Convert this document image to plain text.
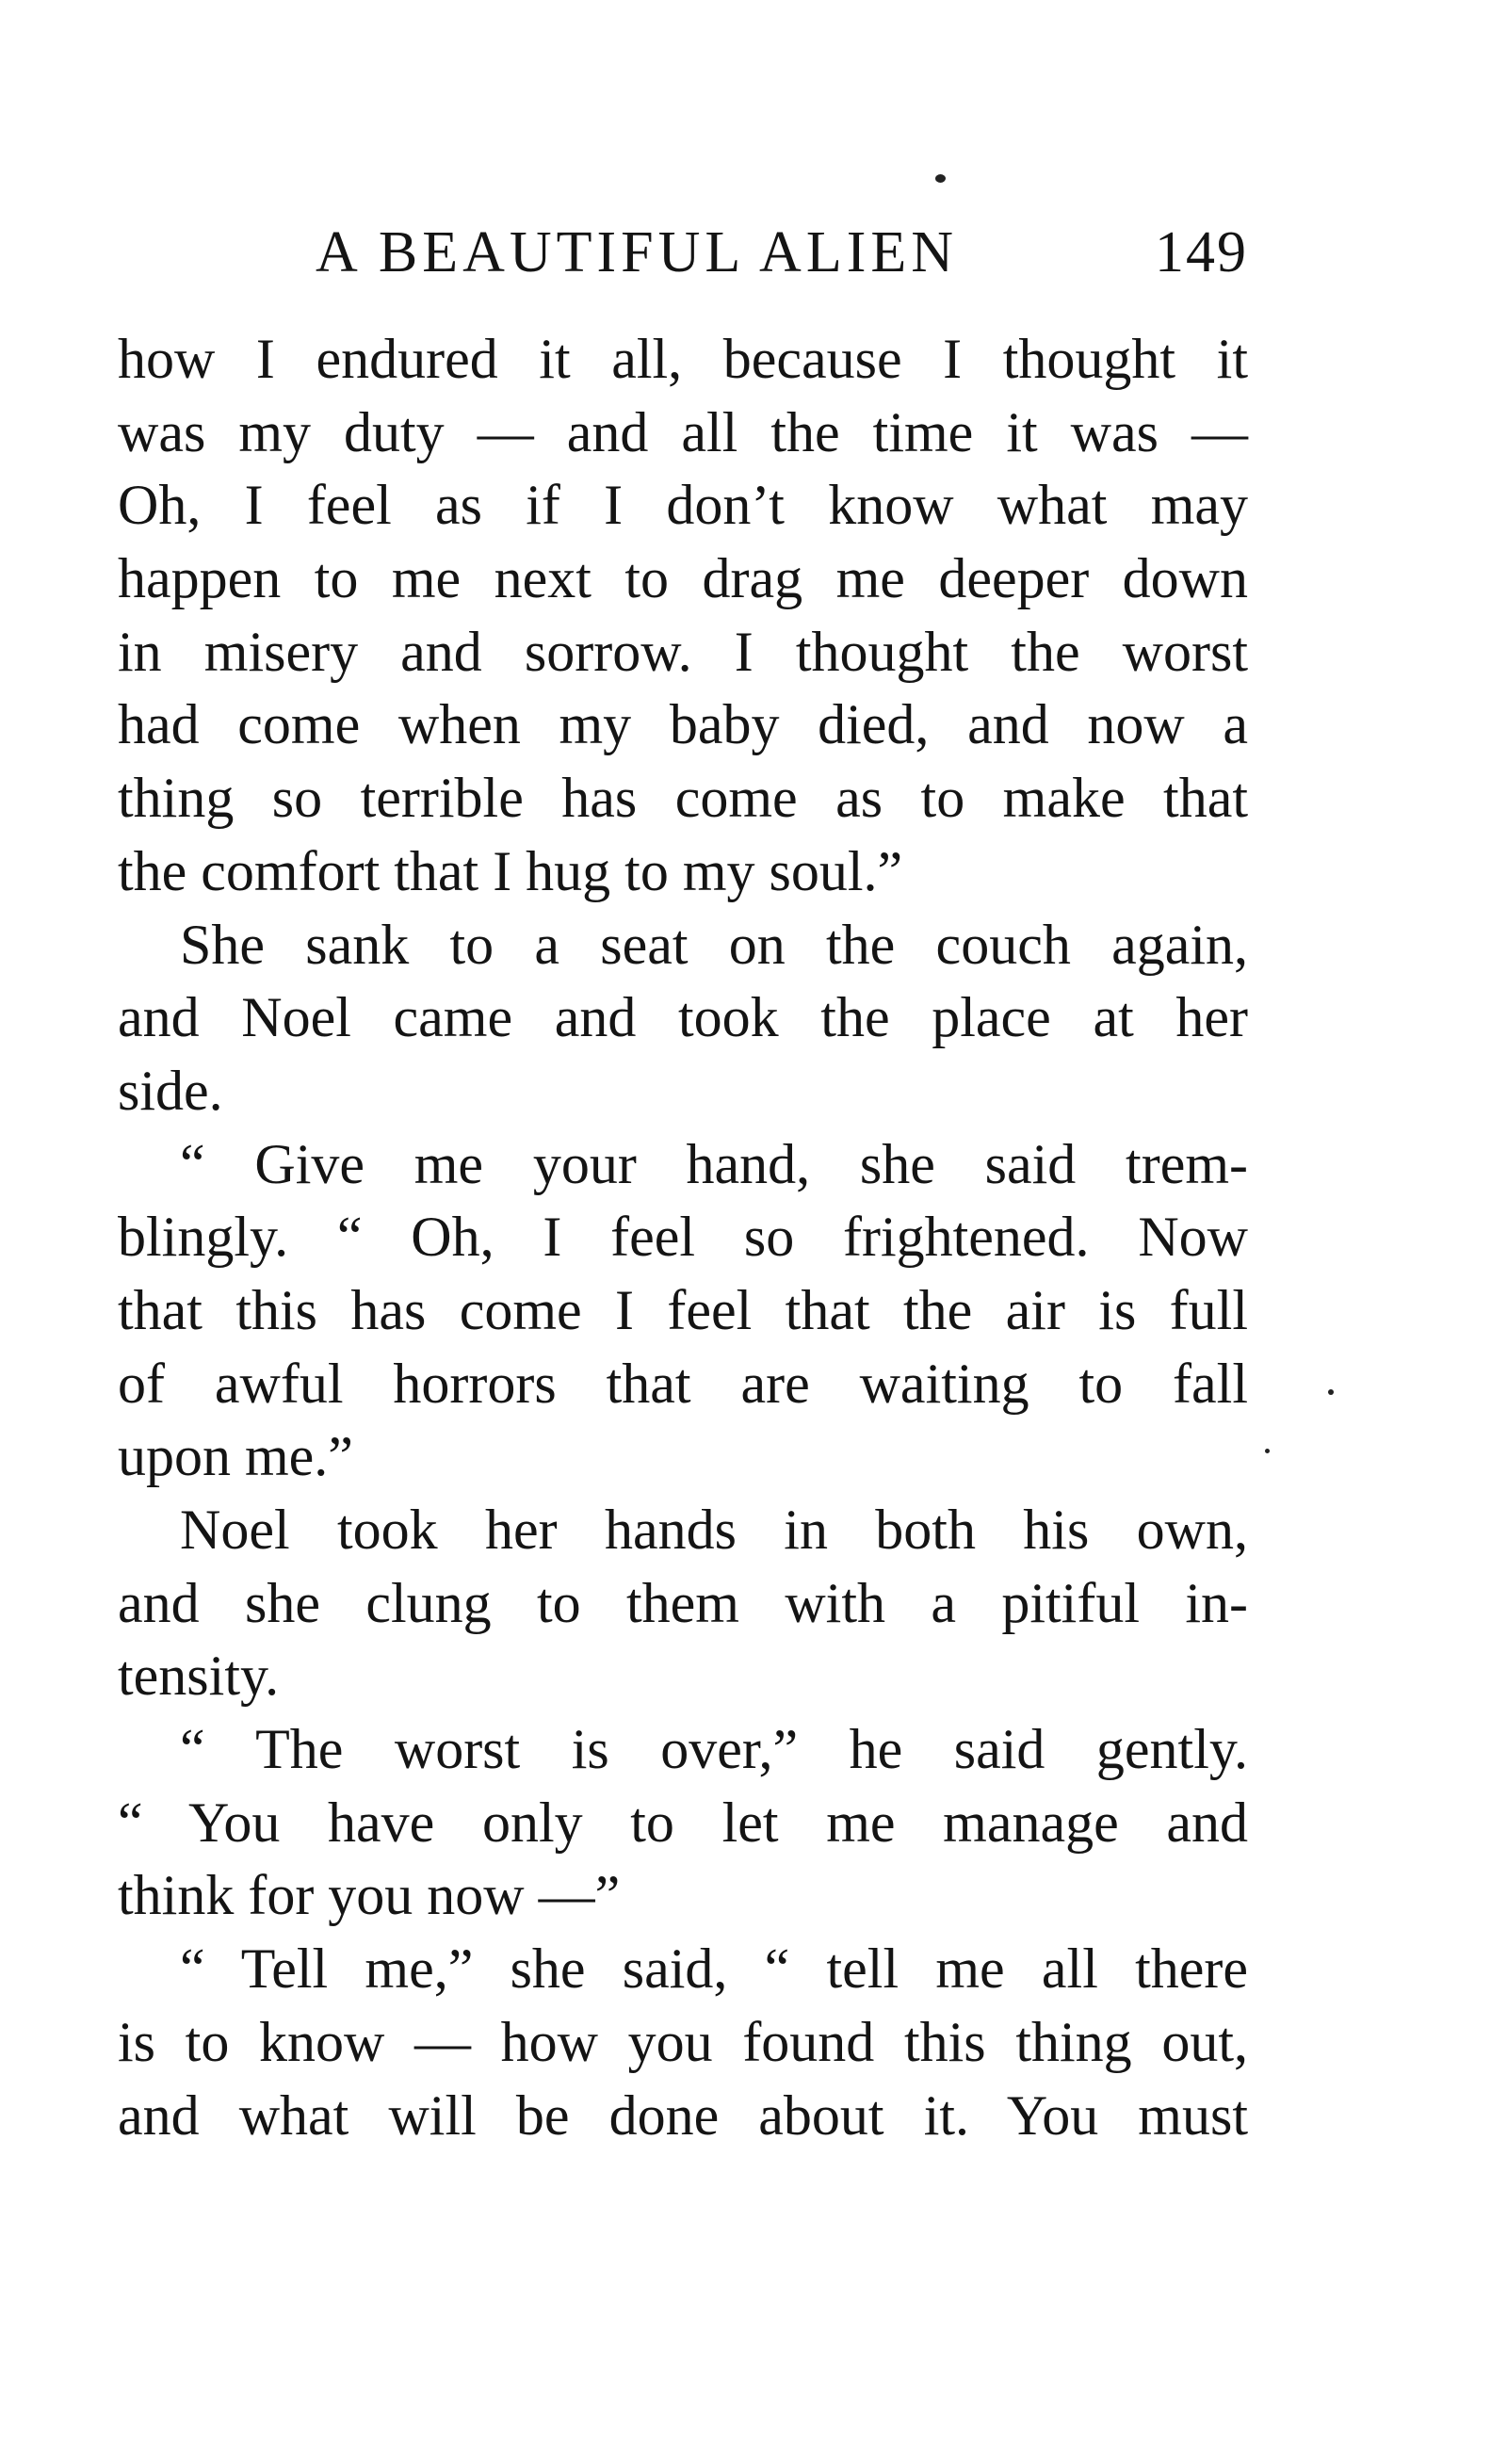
A BEAUTIFUL ALIEN	149
how I endured it all, because I thought it
was my duty — and all the time it was —
Oh, I feel as if I don’t know what may
happen to me next to drag me deeper down
in misery and sorrow. I thought the worst
had come when my baby died, and now a
thing so terrible has come as to make that
the comfort that I hug to my soul.”
She sank to a seat on the couch again,
and Noel came and took the place at her
side.
“ Give me your hand, she said trem-
blingly. “ Oh, I feel so frightened. Now
that this has come I feel that the air is full
of awful horrors that are waiting to fall
upon me.”
Noel took her hands in both his own,
and she clung to them with a pitiful in-
tensity.
“ The worst is over,” he said gently.
“ You have only to let me manage and
think for you now —”
“ Tell me,” she said, “ tell me all there
is to know — how you found this thing out,
and what will be done about it. You must
